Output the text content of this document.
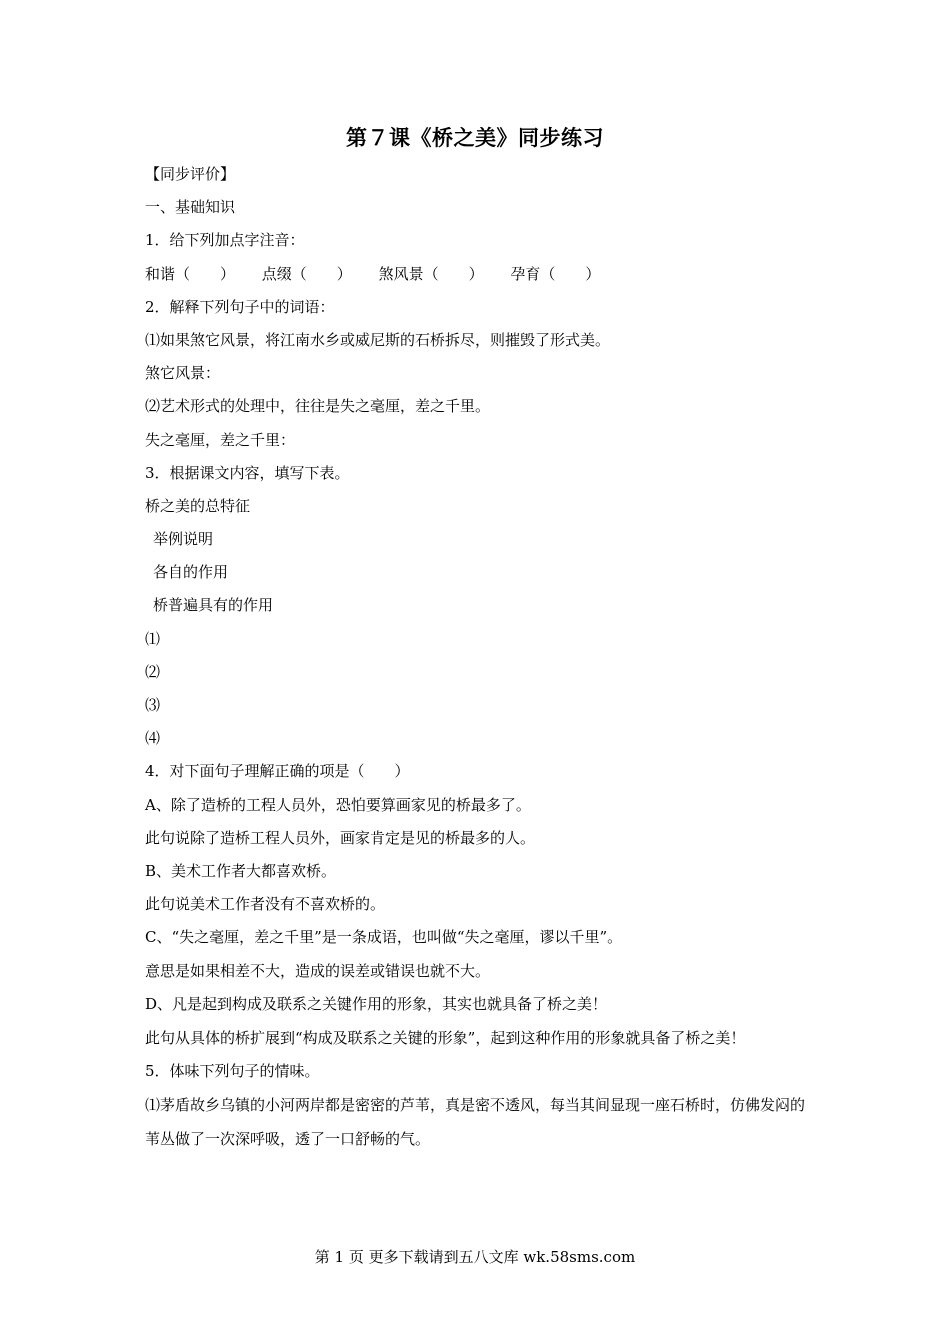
第７课《桥之美》同步练习
【同步评价】
一、基础知识
1．给下列加点字注音：
和谐（　　） 点缀（　　） 煞风景（　　） 孕育（　　）
2．解释下列句子中的词语：
⑴如果煞它风景，将江南水乡或威尼斯的石桥拆尽，则摧毁了形式美。
煞它风景：
⑵艺术形式的处理中，往往是失之毫厘，差之千里。
失之毫厘，差之千里：
3．根据课文内容，填写下表。
桥之美的总特征
举例说明
各自的作用
桥普遍具有的作用
⑴
⑵
⑶
⑷
4．对下面句子理解正确的项是（　　）
A、除了造桥的工程人员外，恐怕要算画家见的桥最多了。
此句说除了造桥工程人员外，画家肯定是见的桥最多的人。
B、美术工作者大都喜欢桥。
此句说美术工作者没有不喜欢桥的。
C、“失之毫厘，差之千里”是一条成语，也叫做“失之毫厘，谬以千里”。
意思是如果相差不大，造成的误差或错误也就不大。
D、凡是起到构成及联系之关键作用的形象，其实也就具备了桥之美！
此句从具体的桥扩展到“构成及联系之关键的形象”，起到这种作用的形象就具备了桥之美！
5．体味下列句子的情味。
⑴茅盾故乡乌镇的小河两岸都是密密的芦苇，真是密不透风，每当其间显现一座石桥时，仿佛发闷的苇丛做了一次深呼吸，透了一口舒畅的气。
第 1 页 更多下载请到五八文库 wk.58sms.com
